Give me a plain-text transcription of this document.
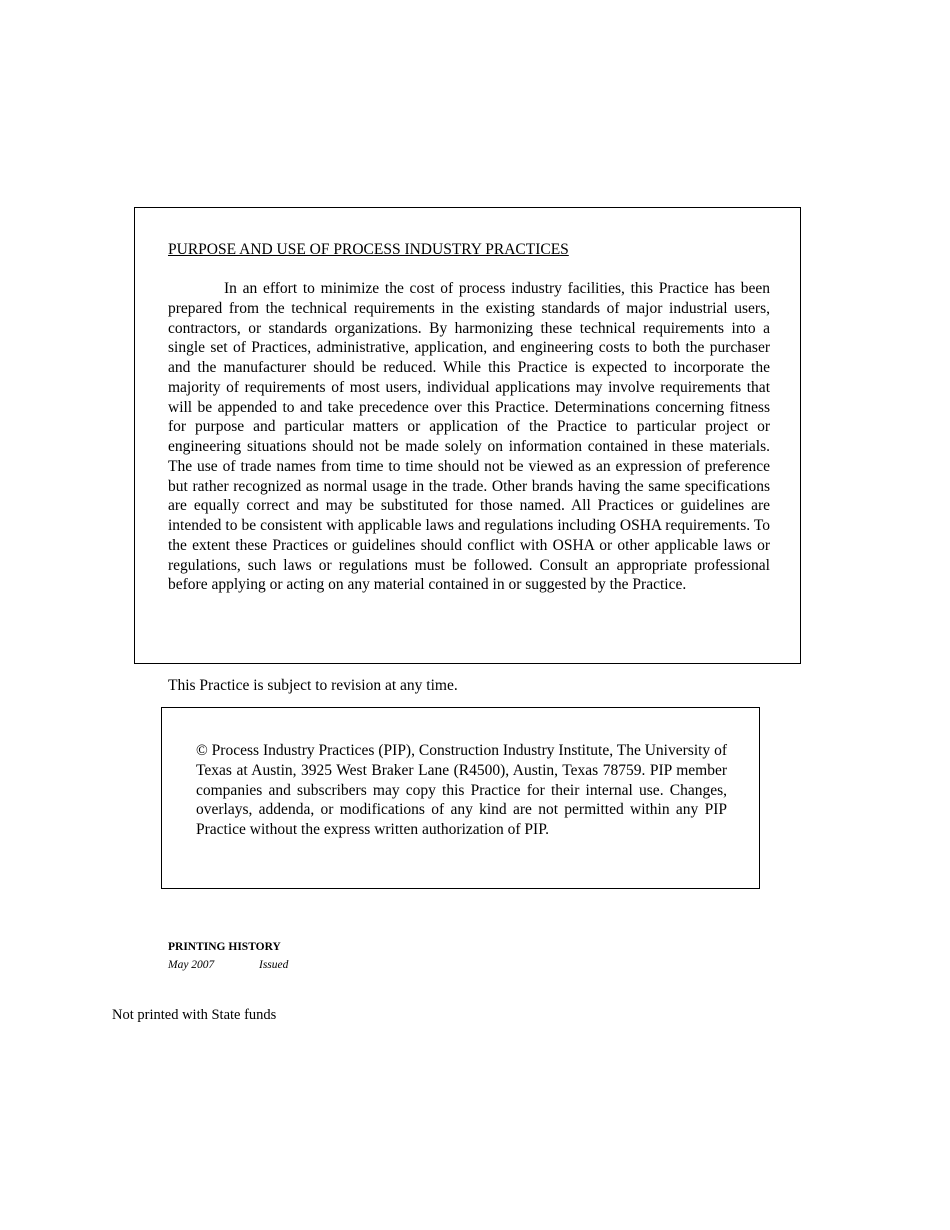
PURPOSE AND USE OF PROCESS INDUSTRY PRACTICES

In an effort to minimize the cost of process industry facilities, this Practice has been prepared from the technical requirements in the existing standards of major industrial users, contractors, or standards organizations. By harmonizing these technical requirements into a single set of Practices, administrative, application, and engineering costs to both the purchaser and the manufacturer should be reduced. While this Practice is expected to incorporate the majority of requirements of most users, individual applications may involve requirements that will be appended to and take precedence over this Practice. Determinations concerning fitness for purpose and particular matters or application of the Practice to particular project or engineering situations should not be made solely on information contained in these materials. The use of trade names from time to time should not be viewed as an expression of preference but rather recognized as normal usage in the trade. Other brands having the same specifications are equally correct and may be substituted for those named. All Practices or guidelines are intended to be consistent with applicable laws and regulations including OSHA requirements. To the extent these Practices or guidelines should conflict with OSHA or other applicable laws or regulations, such laws or regulations must be followed. Consult an appropriate professional before applying or acting on any material contained in or suggested by the Practice.

This Practice is subject to revision at any time.

© Process Industry Practices (PIP), Construction Industry Institute, The University of Texas at Austin, 3925 West Braker Lane (R4500), Austin, Texas 78759. PIP member companies and subscribers may copy this Practice for their internal use. Changes, overlays, addenda, or modifications of any kind are not permitted within any PIP Practice without the express written authorization of PIP.

PRINTING HISTORY
May 2007	Issued

Not printed with State funds
